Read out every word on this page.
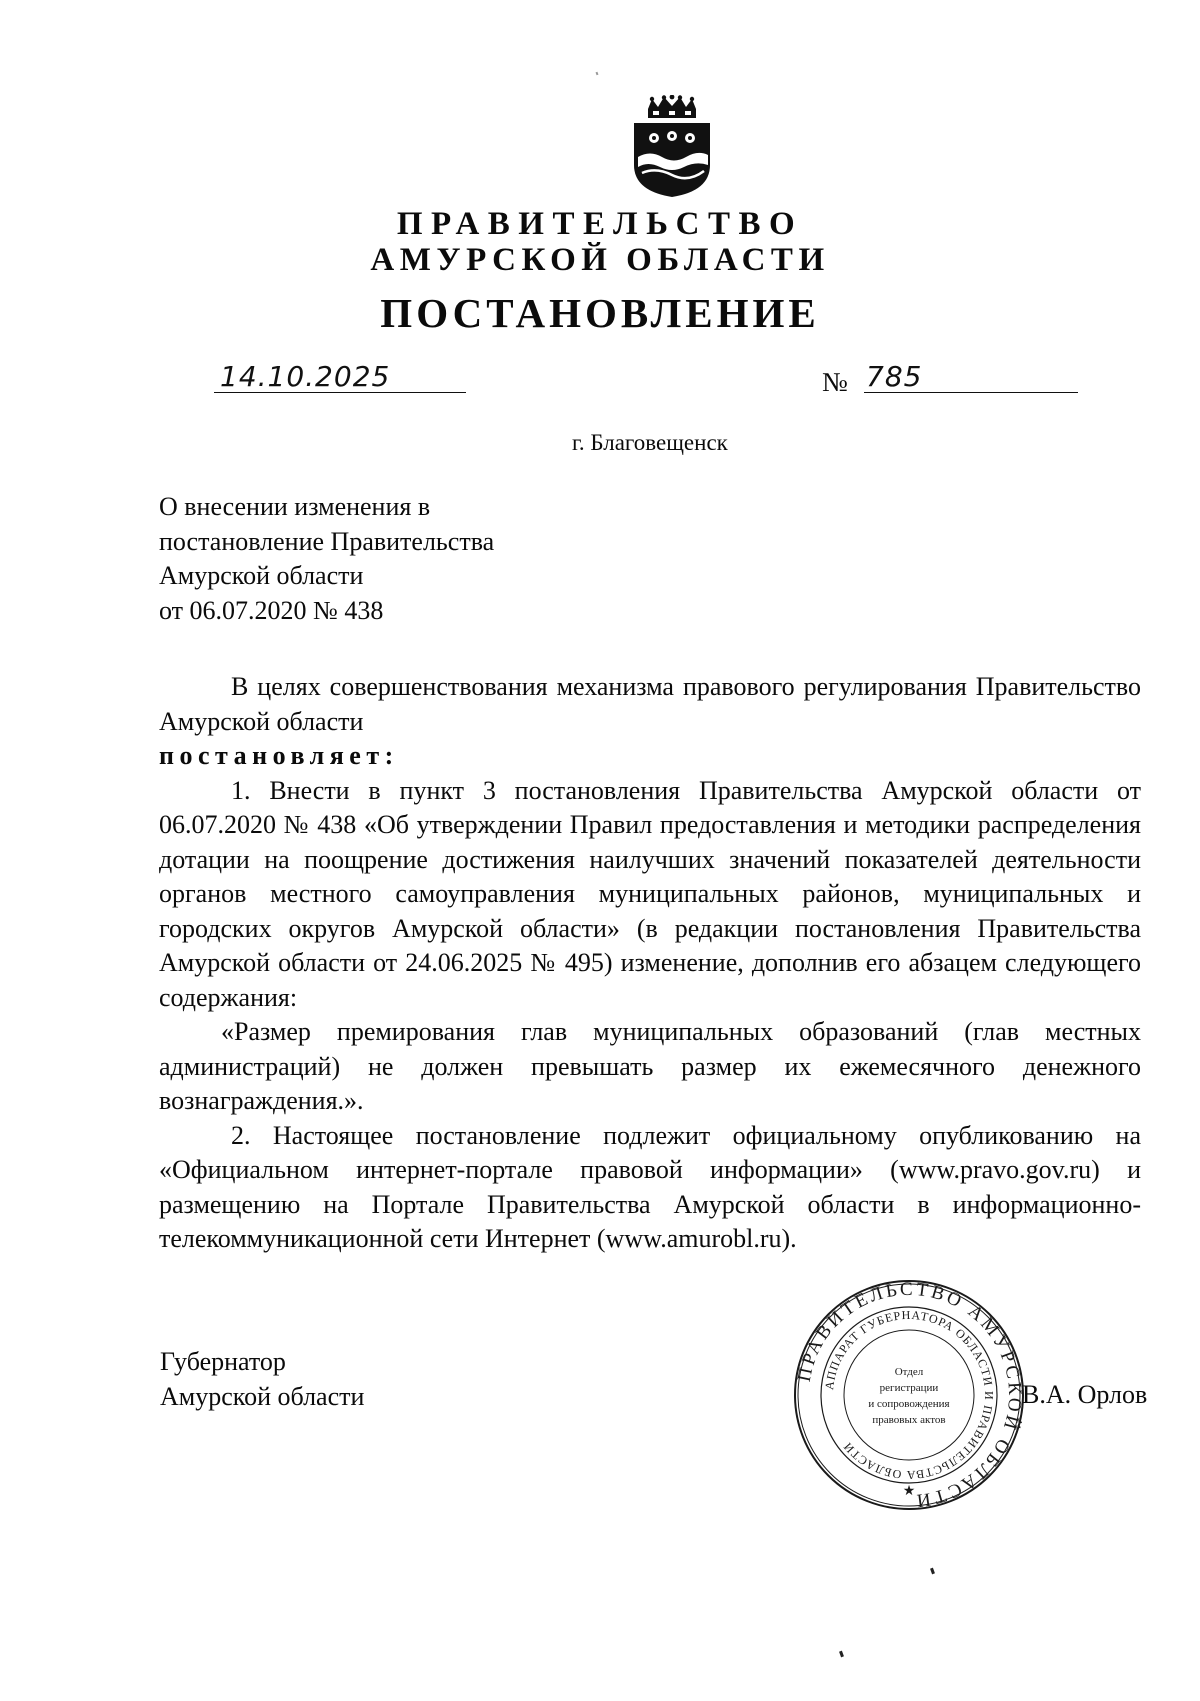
ПРАВИТЕЛЬСТВО
АМУРСКОЙ ОБЛАСТИ
ПОСТАНОВЛЕНИЕ
14.10.2025	№ 785
г. Благовещенск
О внесении изменения в
постановление Правительства
Амурской области
от 06.07.2020 № 438

В целях совершенствования механизма правового регулирования Правительство Амурской области

постановляет:

1. Внести в пункт 3 постановления Правительства Амурской области от 06.07.2020 № 438 «Об утверждении Правил предоставления и методики распределения дотации на поощрение достижения наилучших значений показателей деятельности органов местного самоуправления муниципальных районов, муниципальных и городских округов Амурской области» (в редакции постановления Правительства Амурской области от 24.06.2025 № 495) изменение, дополнив его абзацем следующего содержания:

«Размер премирования глав муниципальных образований (глав местных администраций) не должен превышать размер их ежемесячного денежного вознаграждения.».

2. Настоящее постановление подлежит официальному опубликованию на «Официальном интернет-портале правовой информации» (www.pravo.gov.ru) и размещению на Портале Правительства Амурской области в информационно-телекоммуникационной сети Интернет (www.amurobl.ru).

Губернатор
Амурской области
ПРАВИТЕЛЬСТВО АМУРСКОЙ ОБЛАСТИ
АППАРАТ ГУБЕРНАТОРА ОБЛАСТИ И ПРАВИТЕЛЬСТВА ОБЛАСТИ
Отдел
регистрации
и сопровождения
правовых актов
★
В.А. Орлов
